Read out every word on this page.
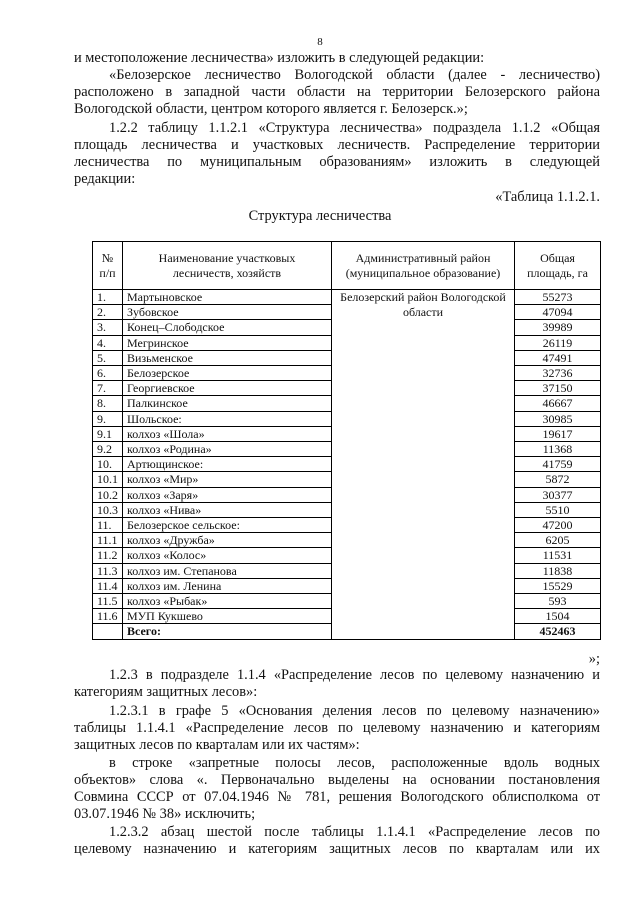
8
и местоположение лесничества» изложить в следующей редакции:
«Белозерское лесничество Вологодской области (далее - лесничество)
расположено в западной части области на территории Белозерского района
Вологодской области, центром которого является г. Белозерск.»;
1.2.2 таблицу 1.1.2.1 «Структура лесничества» подраздела 1.1.2 «Общая
площадь лесничества и участковых лесничеств. Распределение территории
лесничества по муниципальным образованиям» изложить в следующей
редакции:
«Таблица 1.1.2.1.
Структура лесничества
№ п/п	Наименование участковых лесничеств, хозяйств	Административный район (муниципальное образование)	Общая площадь, га
1.	Мартыновское	Белозерский район Вологодской области	55273
2.	Зубовское		47094
3.	Конец–Слободское		39989
4.	Мегринское		26119
5.	Визьменское		47491
6.	Белозерское		32736
7.	Георгиевское		37150
8.	Палкинское		46667
9.	Шольское:		30985
9.1	колхоз «Шола»		19617
9.2	колхоз «Родина»		11368
10.	Артющинское:		41759
10.1	колхоз «Мир»		5872
10.2	колхоз «Заря»		30377
10.3	колхоз «Нива»		5510
11.	Белозерское сельское:		47200
11.1	колхоз «Дружба»		6205
11.2	колхоз «Колос»		11531
11.3	колхоз им. Степанова		11838
11.4	колхоз им. Ленина		15529
11.5	колхоз «Рыбак»		593
11.6	МУП Кукшево		1504
	Всего:		452463
»;
1.2.3 в подразделе 1.1.4 «Распределение лесов по целевому назначению и
категориям защитных лесов»:
1.2.3.1 в графе 5 «Основания деления лесов по целевому назначению»
таблицы 1.1.4.1 «Распределение лесов по целевому назначению и категориям
защитных лесов по кварталам или их частям»:
в строке «запретные полосы лесов, расположенные вдоль водных
объектов» слова «. Первоначально выделены на основании постановления
Совмина СССР от 07.04.1946 № 781, решения Вологодского облисполкома от
03.07.1946 № 38» исключить;
1.2.3.2 абзац шестой после таблицы 1.1.4.1 «Распределение лесов по
целевому назначению и категориям защитных лесов по кварталам или их
